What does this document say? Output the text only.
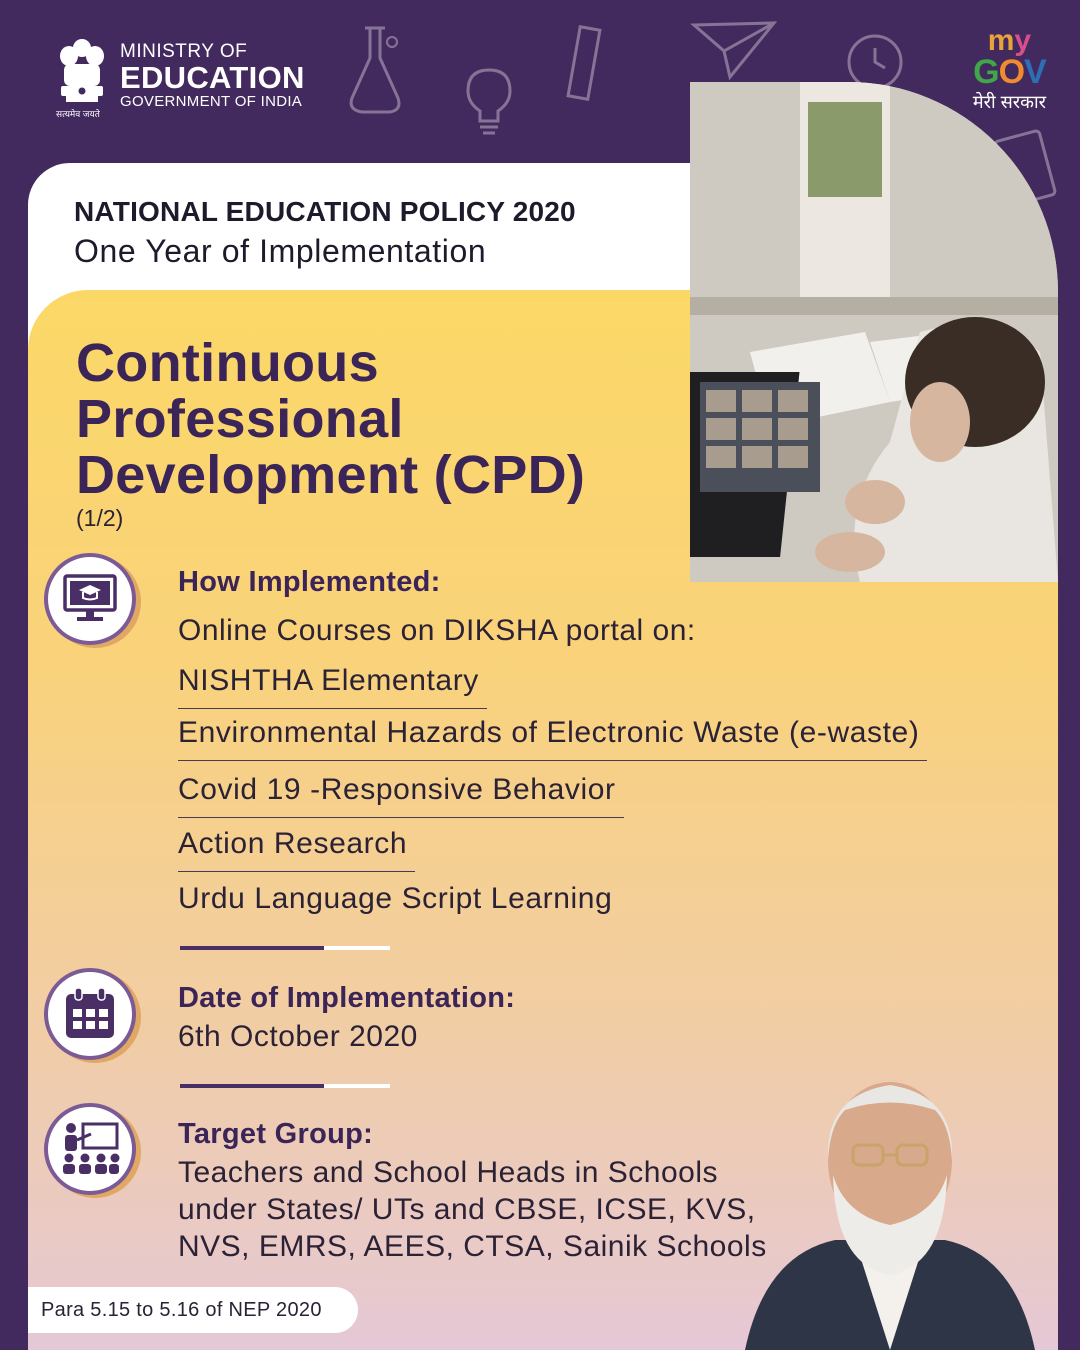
MINISTRY OF
EDUCATION
GOVERNMENT OF INDIA
सत्यमेव जयते
my
GOV
मेरी सरकार
NATIONAL EDUCATION POLICY 2020
One Year of Implementation
Continuous
Professional
Development (CPD)
(1/2)
How Implemented:
Online Courses on DIKSHA portal on:
NISHTHA Elementary
Environmental Hazards of Electronic Waste (e-waste)
Covid 19 -Responsive Behavior
Action Research
Urdu Language Script Learning
Date of Implementation:
6th October 2020
Target Group:
Teachers and School Heads in Schools
under States/ UTs and CBSE, ICSE, KVS,
NVS, EMRS, AEES, CTSA, Sainik Schools
Para 5.15 to 5.16 of NEP 2020
